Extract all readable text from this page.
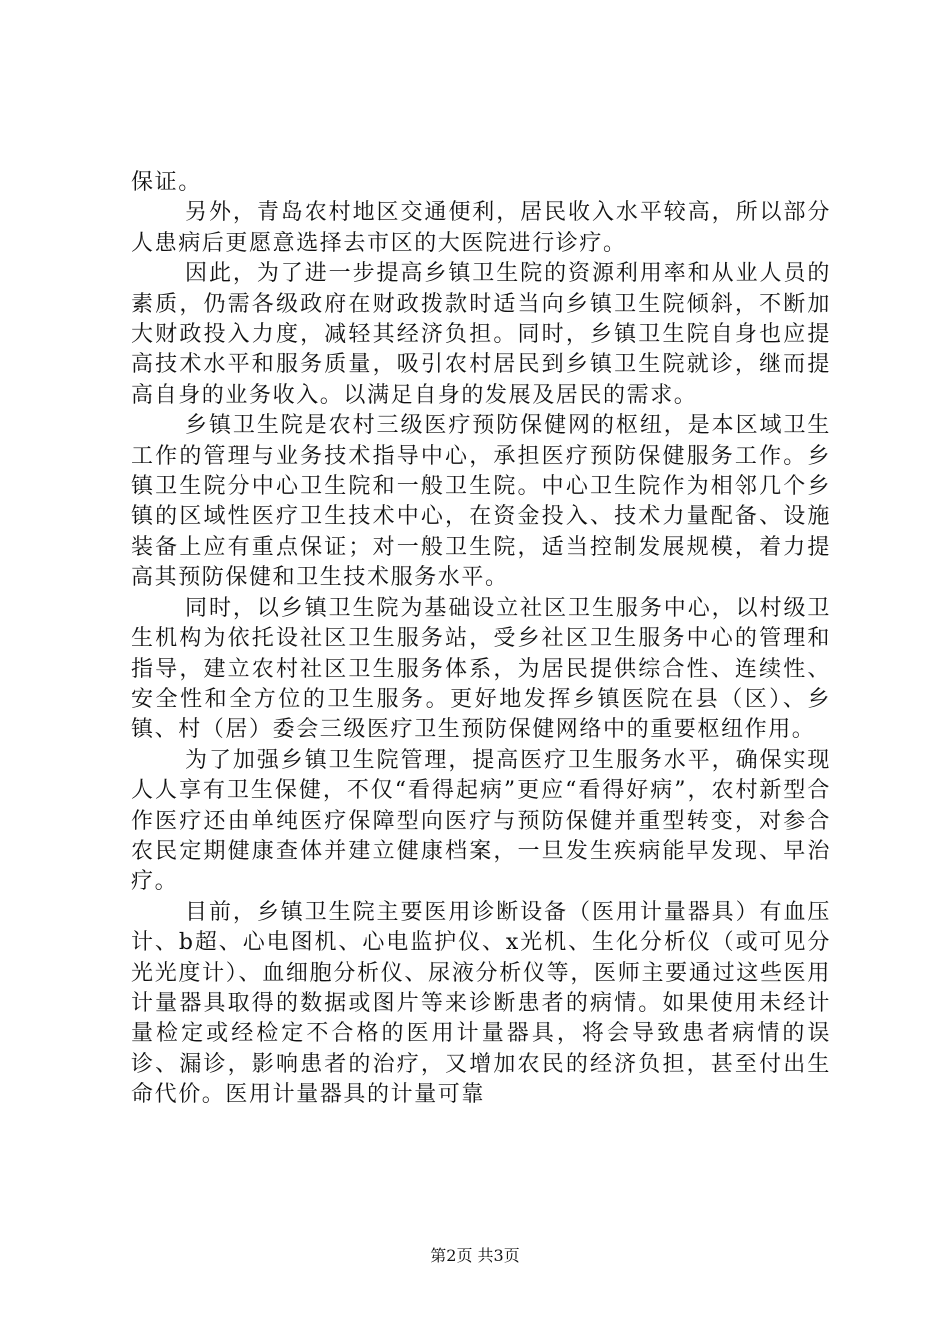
保证。

另外，青岛农村地区交通便利，居民收入水平较高，所以部分人患病后更愿意选择去市区的大医院进行诊疗。

因此，为了进一步提高乡镇卫生院的资源利用率和从业人员的素质，仍需各级政府在财政拨款时适当向乡镇卫生院倾斜，不断加大财政投入力度，减轻其经济负担。同时，乡镇卫生院自身也应提高技术水平和服务质量，吸引农村居民到乡镇卫生院就诊，继而提高自身的业务收入。以满足自身的发展及居民的需求。

乡镇卫生院是农村三级医疗预防保健网的枢纽，是本区域卫生工作的管理与业务技术指导中心，承担医疗预防保健服务工作。乡镇卫生院分中心卫生院和一般卫生院。中心卫生院作为相邻几个乡镇的区域性医疗卫生技术中心，在资金投入、技术力量配备、设施装备上应有重点保证；对一般卫生院，适当控制发展规模，着力提高其预防保健和卫生技术服务水平。

同时，以乡镇卫生院为基础设立社区卫生服务中心，以村级卫生机构为依托设社区卫生服务站，受乡社区卫生服务中心的管理和指导，建立农村社区卫生服务体系，为居民提供综合性、连续性、安全性和全方位的卫生服务。更好地发挥乡镇医院在县（区）、乡镇、村（居）委会三级医疗卫生预防保健网络中的重要枢纽作用。

为了加强乡镇卫生院管理，提高医疗卫生服务水平，确保实现人人享有卫生保健，不仅“看得起病”更应“看得好病”，农村新型合作医疗还由单纯医疗保障型向医疗与预防保健并重型转变，对参合农民定期健康查体并建立健康档案，一旦发生疾病能早发现、早治疗。

目前，乡镇卫生院主要医用诊断设备（医用计量器具）有血压计、b超、心电图机、心电监护仪、x光机、生化分析仪（或可见分光光度计）、血细胞分析仪、尿液分析仪等，医师主要通过这些医用计量器具取得的数据或图片等来诊断患者的病情。如果使用未经计量检定或经检定不合格的医用计量器具，将会导致患者病情的误诊、漏诊，影响患者的治疗，又增加农民的经济负担，甚至付出生命代价。医用计量器具的计量可靠

第2页 共3页
